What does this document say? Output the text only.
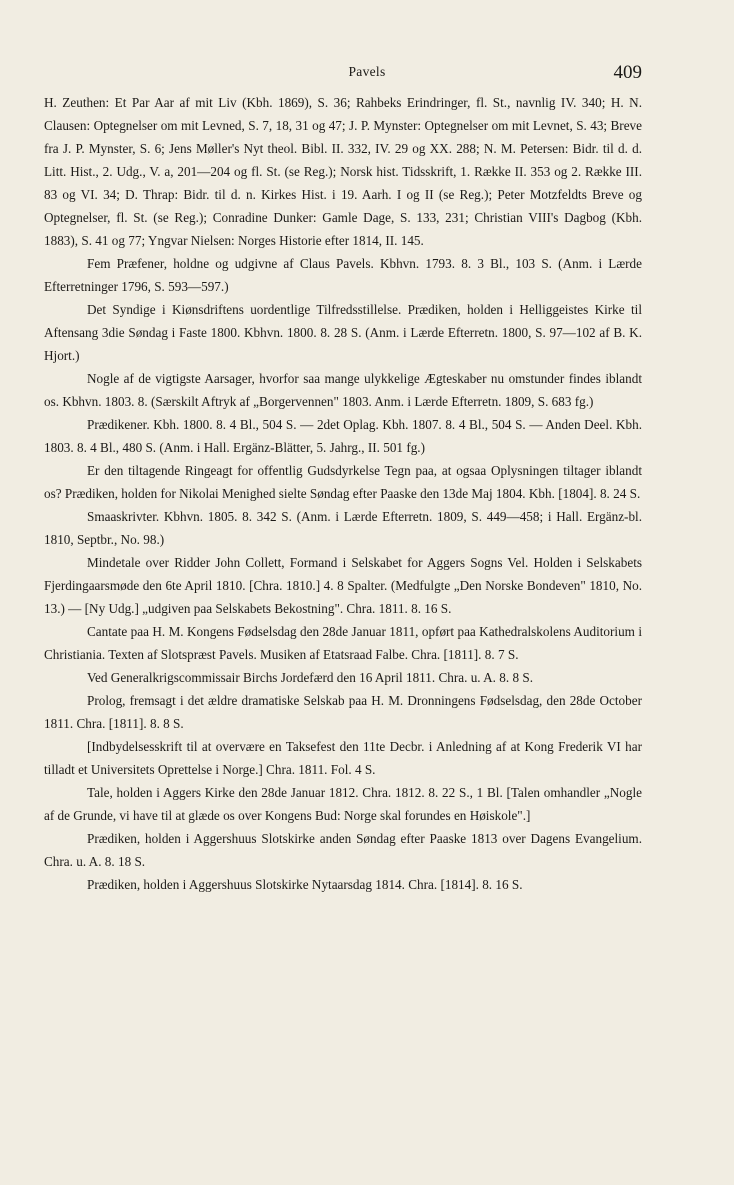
Pavels	409

H. Zeuthen: Et Par Aar af mit Liv (Kbh. 1869), S. 36; Rahbeks Erindringer, fl. St., navnlig IV. 340; H. N. Clausen: Optegnelser om mit Levned, S. 7, 18, 31 og 47; J. P. Mynster: Optegnelser om mit Levnet, S. 43; Breve fra J. P. Mynster, S. 6; Jens Møller's Nyt theol. Bibl. II. 332, IV. 29 og XX. 288; N. M. Petersen: Bidr. til d. d. Litt. Hist., 2. Udg., V. a, 201—204 og fl. St. (se Reg.); Norsk hist. Tidsskrift, 1. Række II. 353 og 2. Række III. 83 og VI. 34; D. Thrap: Bidr. til d. n. Kirkes Hist. i 19. Aarh. I og II (se Reg.); Peter Motzfeldts Breve og Optegnelser, fl. St. (se Reg.); Conradine Dunker: Gamle Dage, S. 133, 231; Christian VIII's Dagbog (Kbh. 1883), S. 41 og 77; Yngvar Nielsen: Norges Historie efter 1814, II. 145.

Fem Præfener, holdne og udgivne af Claus Pavels. Kbhvn. 1793. 8. 3 Bl., 103 S. (Anm. i Lærde Efterretninger 1796, S. 593—597.)

Det Syndige i Kiønsdriftens uordentlige Tilfredsstillelse. Prædiken, holden i Helliggeistes Kirke til Aftensang 3die Søndag i Faste 1800. Kbhvn. 1800. 8. 28 S. (Anm. i Lærde Efterretn. 1800, S. 97—102 af B. K. Hjort.)

Nogle af de vigtigste Aarsager, hvorfor saa mange ulykkelige Ægteskaber nu omstunder findes iblandt os. Kbhvn. 1803. 8. (Særskilt Aftryk af „Borgervennen" 1803. Anm. i Lærde Efterretn. 1809, S. 683 fg.)

Prædikener. Kbh. 1800. 8. 4 Bl., 504 S. — 2det Oplag. Kbh. 1807. 8. 4 Bl., 504 S. — Anden Deel. Kbh. 1803. 8. 4 Bl., 480 S. (Anm. i Hall. Ergänz-Blätter, 5. Jahrg., II. 501 fg.)

Er den tiltagende Ringeagt for offentlig Gudsdyrkelse Tegn paa, at ogsaa Oplysningen tiltager iblandt os? Prædiken, holden for Nikolai Menighed sielte Søndag efter Paaske den 13de Maj 1804. Kbh. [1804]. 8. 24 S.

Smaaskrivter. Kbhvn. 1805. 8. 342 S. (Anm. i Lærde Efterretn. 1809, S. 449—458; i Hall. Ergänz-bl. 1810, Septbr., No. 98.)

Mindetale over Ridder John Collett, Formand i Selskabet for Aggers Sogns Vel. Holden i Selskabets Fjerdingaarsmøde den 6te April 1810. [Chra. 1810.] 4. 8 Spalter. (Medfulgte „Den Norske Bondeven" 1810, No. 13.) — [Ny Udg.] „udgiven paa Selskabets Bekostning". Chra. 1811. 8. 16 S.

Cantate paa H. M. Kongens Fødselsdag den 28de Januar 1811, opført paa Kathedralskolens Auditorium i Christiania. Texten af Slotspræst Pavels. Musiken af Etatsraad Falbe. Chra. [1811]. 8. 7 S.

Ved Generalkrigscommissair Birchs Jordefærd den 16 April 1811. Chra. u. A. 8. 8 S.

Prolog, fremsagt i det ældre dramatiske Selskab paa H. M. Dronningens Fødselsdag, den 28de October 1811. Chra. [1811]. 8. 8 S.

[Indbydelsesskrift til at overvære en Taksefest den 11te Decbr. i Anledning af at Kong Frederik VI har tilladt et Universitets Oprettelse i Norge.] Chra. 1811. Fol. 4 S.

Tale, holden i Aggers Kirke den 28de Januar 1812. Chra. 1812. 8. 22 S., 1 Bl. [Talen omhandler „Nogle af de Grunde, vi have til at glæde os over Kongens Bud: Norge skal forundes en Høiskole".]

Prædiken, holden i Aggershuus Slotskirke anden Søndag efter Paaske 1813 over Dagens Evangelium. Chra. u. A. 8. 18 S.

Prædiken, holden i Aggershuus Slotskirke Nytaarsdag 1814. Chra. [1814]. 8. 16 S.
